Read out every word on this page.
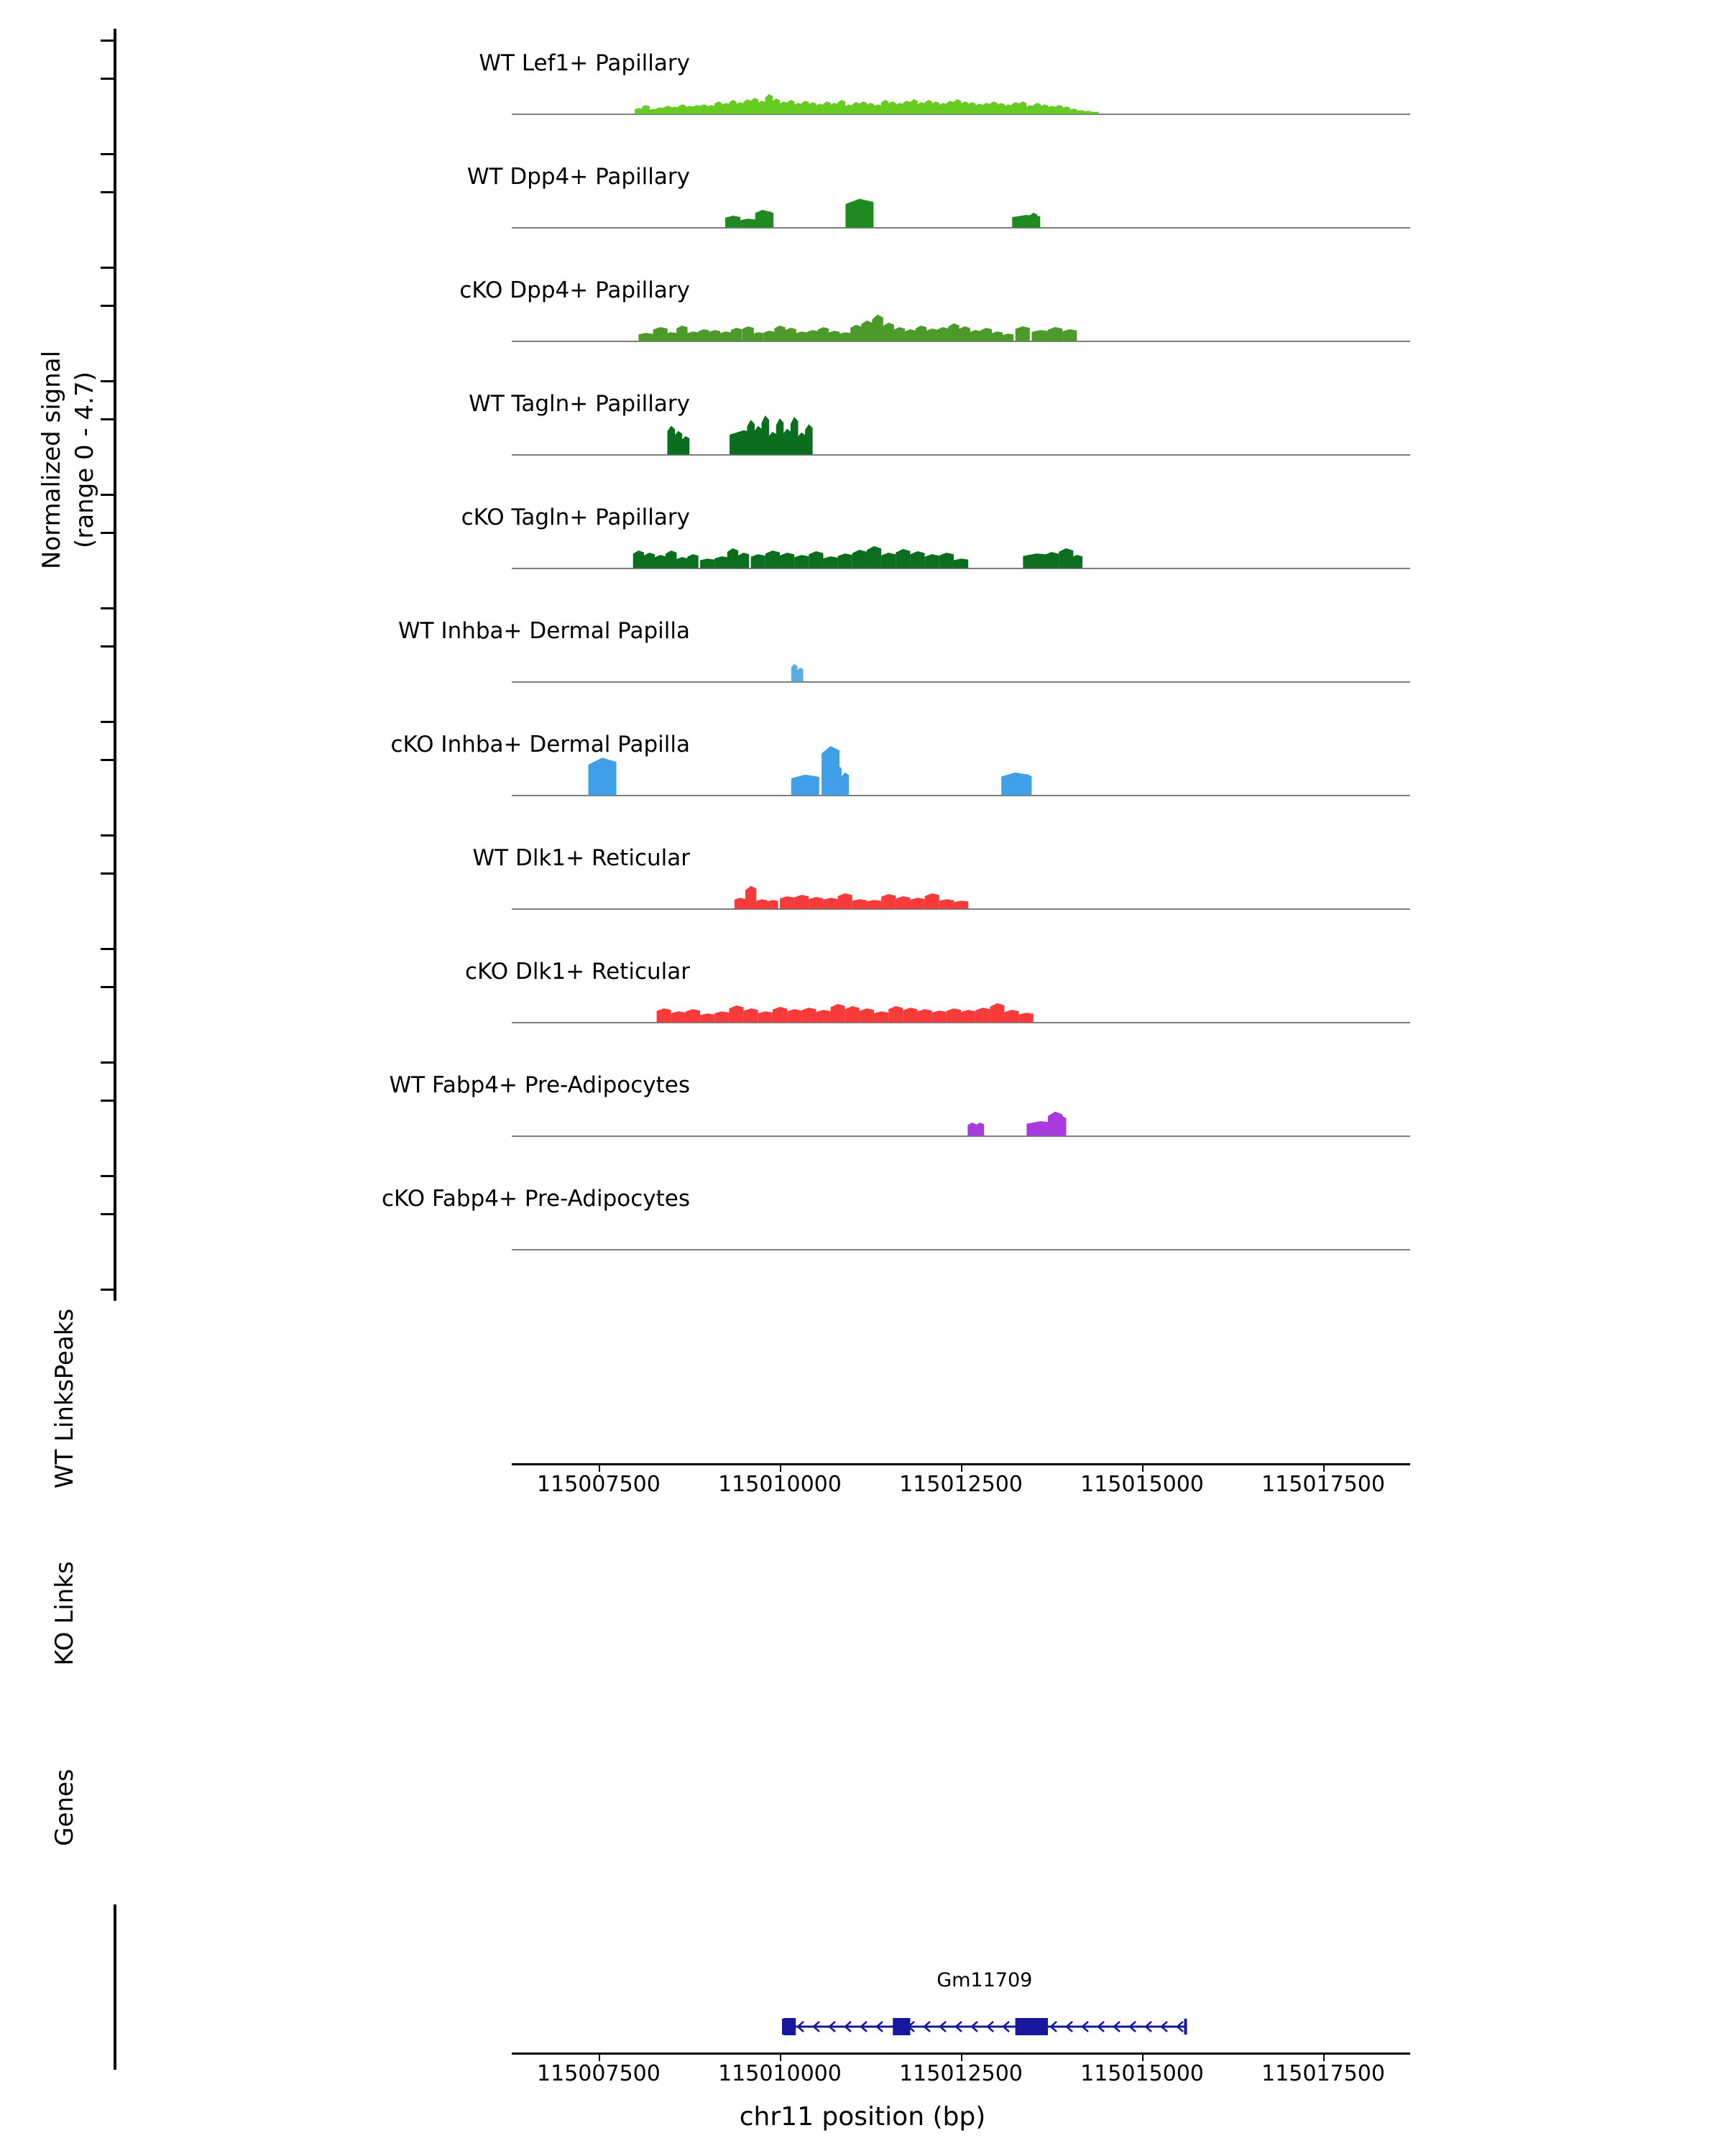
Normalized signal (range 0 - 4.7)
WT Lef1+ Papillary
WT Dpp4+ Papillary
cKO Dpp4+ Papillary
WT Tagln+ Papillary
cKO Tagln+ Papillary
WT Inhba+ Dermal Papilla
cKO Inhba+ Dermal Papilla
WT Dlk1+ Reticular
cKO Dlk1+ Reticular
WT Fabp4+ Pre-Adipocytes
cKO Fabp4+ Pre-Adipocytes
Peaks
115007500	115010000	115012500	115015000	115017500
WT Links
KO Links
Genes
Gm11709
115007500	115010000	115012500	115015000	115017500
chr11 position (bp)
